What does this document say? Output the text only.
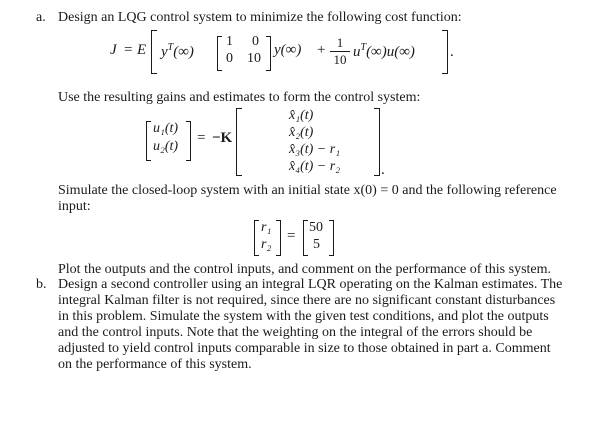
a. Design an LQG control system to minimize the following cost function:
J = E $y^T(\infty)$
1 0
0 10
$y(\infty) + \frac{1}{10} u^T(\infty)u(\infty)$ .
Use the resulting gains and estimates to form the control system:
u₁(t)
u₂(t)
= −K
x̂₁(t)
x̂₂(t)
x̂₃(t) − r₁
x̂₄(t) − r₂	.
Simulate the closed-loop system with an initial state x(0) = 0 and the following reference
input:
r₁
r₂
=
50
5
Plot the outputs and the control inputs, and comment on the performance of this system.
b. Design a second controller using an integral LQR operating on the Kalman estimates. The
integral Kalman filter is not required, since there are no significant constant disturbances
in this problem. Simulate the system with the given test conditions, and plot the outputs
and the control inputs. Note that the weighting on the integral of the errors should be
adjusted to yield control inputs comparable in size to those obtained in part a. Comment
on the performance of this system.
